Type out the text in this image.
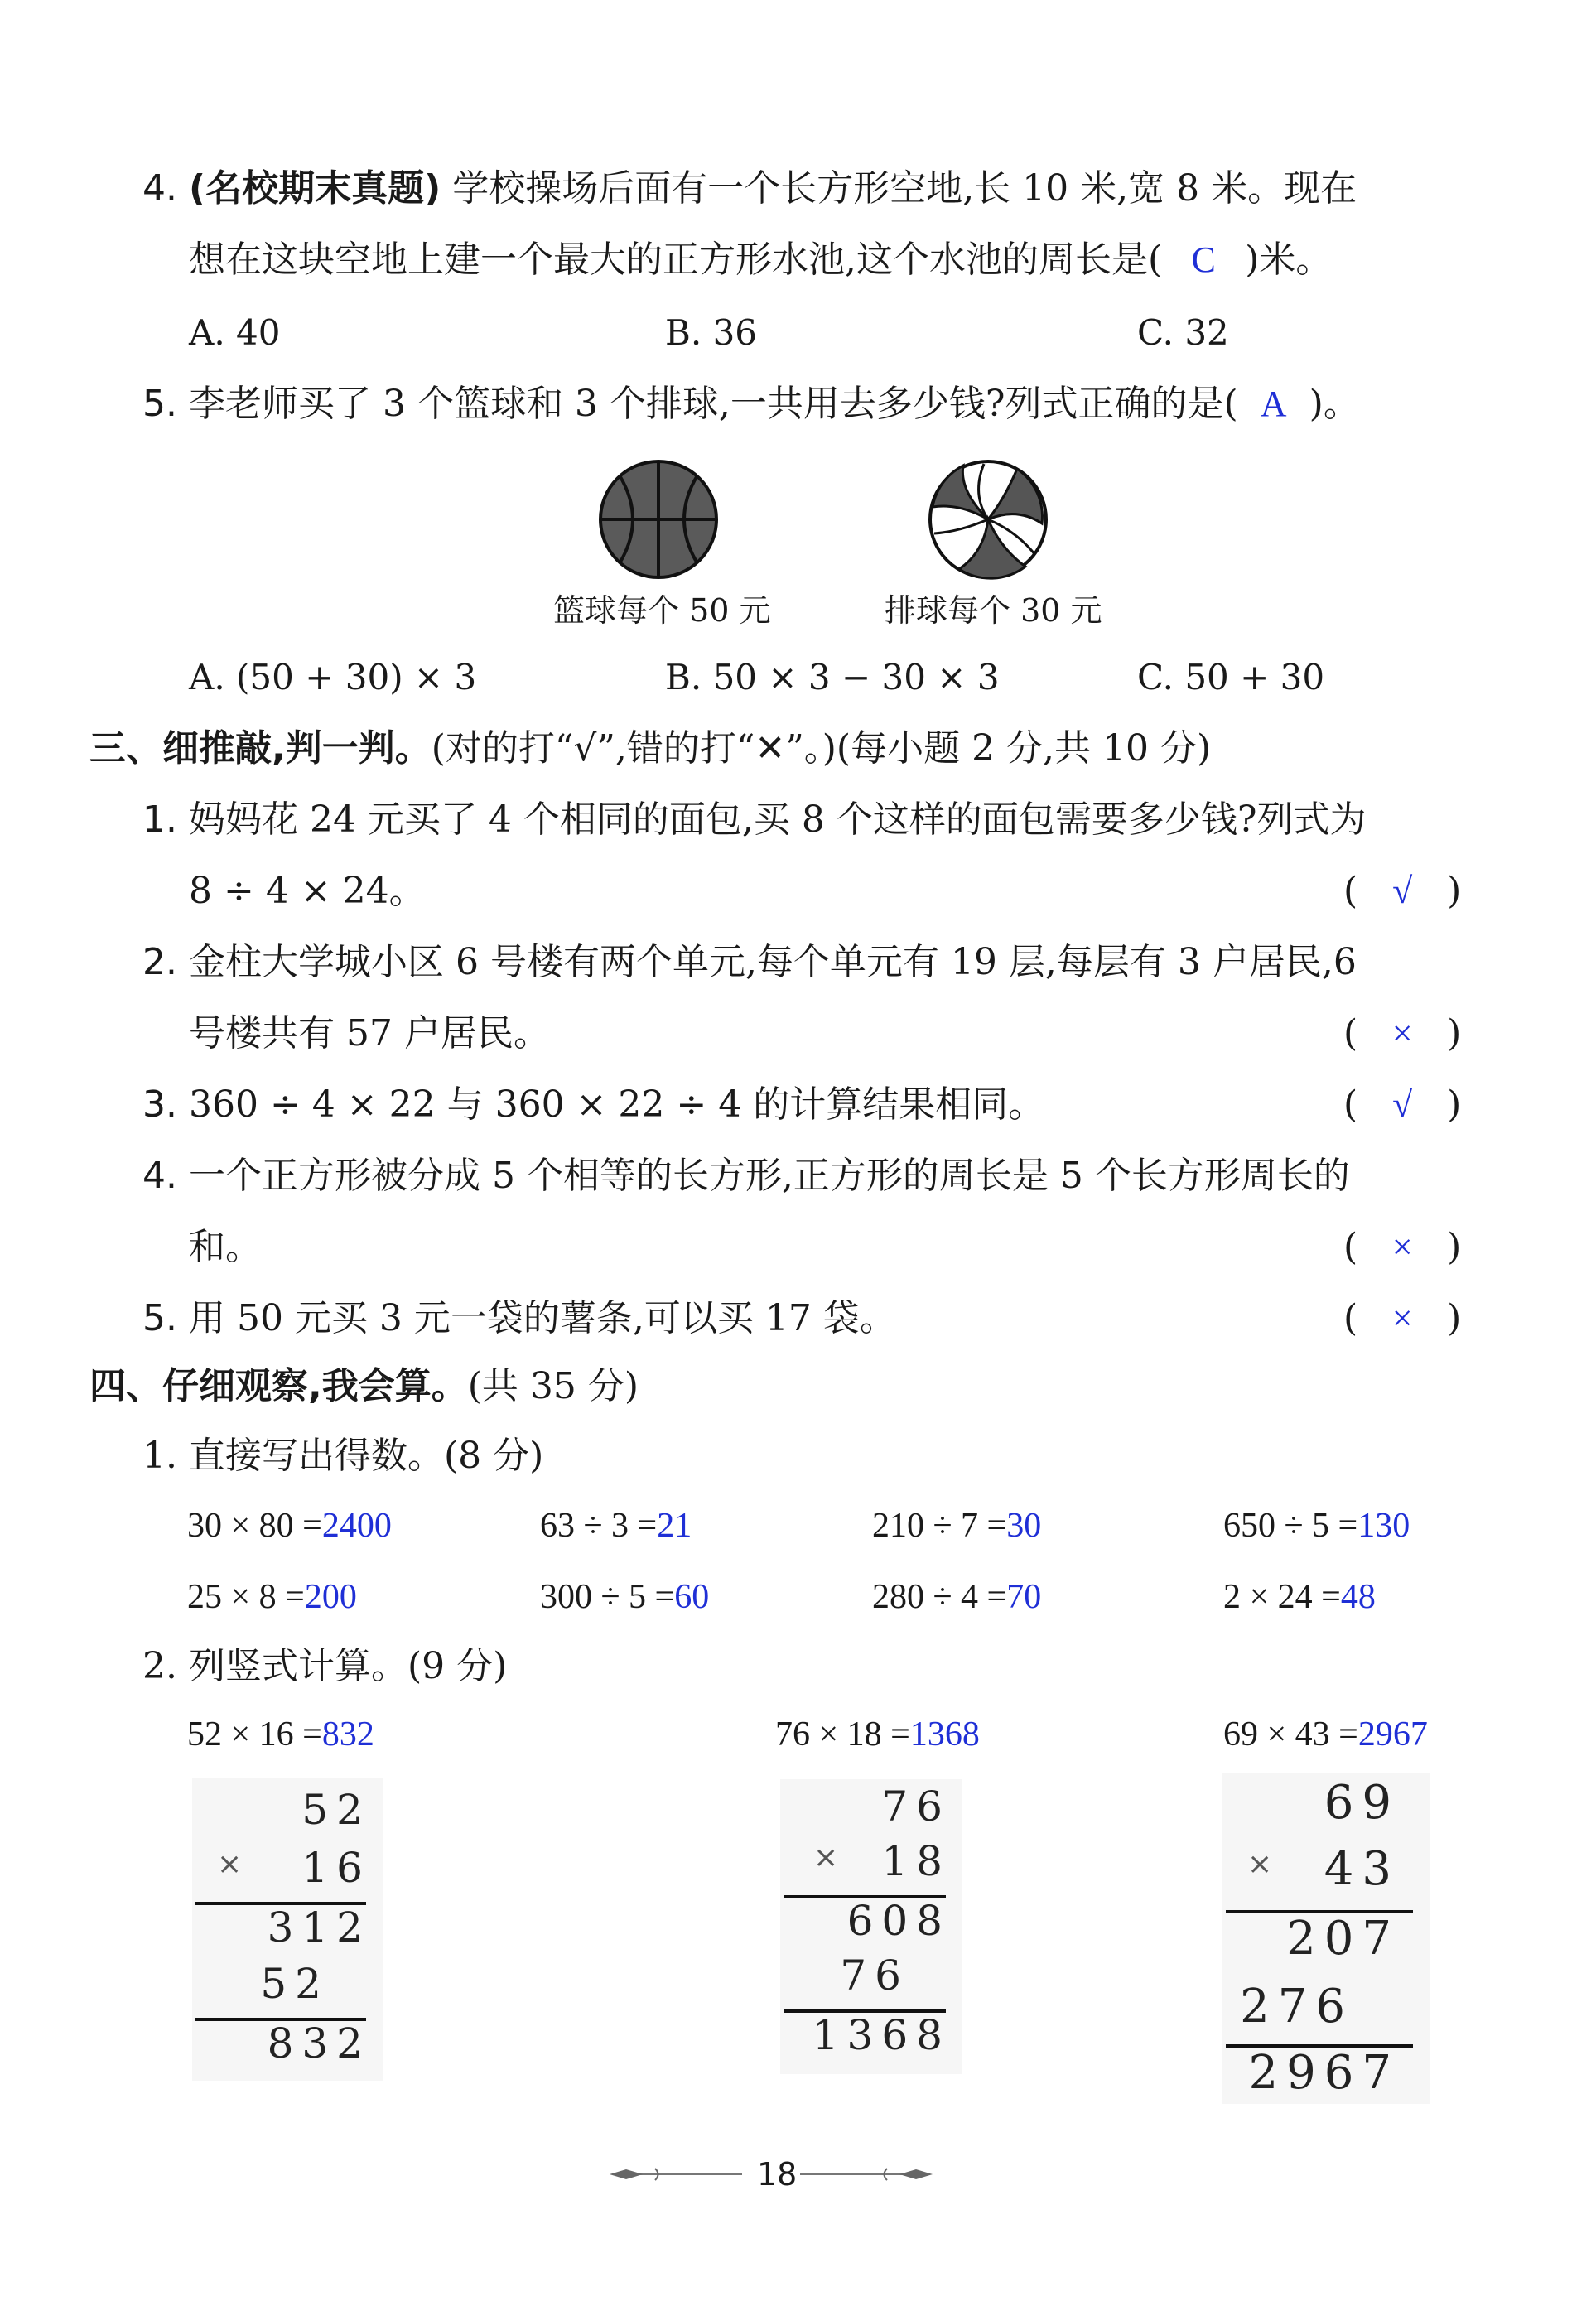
4. (名校期末真题) 学校操场后面有一个长方形空地,长 10 米,宽 8 米。现在
想在这块空地上建一个最大的正方形水池,这个水池的周长是( C )米。
A. 40	B. 36	C. 32
5. 李老师买了 3 个篮球和 3 个排球,一共用去多少钱?列式正确的是( A )。
篮球每个 50 元	排球每个 30 元
A. (50 + 30) × 3	B. 50 × 3 − 30 × 3	C. 50 + 30
三、细推敲,判一判。(对的打“√”,错的打“✕”。)(每小题 2 分,共 10 分)
1. 妈妈花 24 元买了 4 个相同的面包,买 8 个这样的面包需要多少钱?列式为
8 ÷ 4 × 24。	( √ )
2. 金柱大学城小区 6 号楼有两个单元,每个单元有 19 层,每层有 3 户居民,6
号楼共有 57 户居民。	( × )
3. 360 ÷ 4 × 22 与 360 × 22 ÷ 4 的计算结果相同。	( √ )
4. 一个正方形被分成 5 个相等的长方形,正方形的周长是 5 个长方形周长的
和。	( × )
5. 用 50 元买 3 元一袋的薯条,可以买 17 袋。	( × )
四、仔细观察,我会算。(共 35 分)
1. 直接写出得数。(8 分)
30 × 80 =2400	63 ÷ 3 =21	210 ÷ 7 =30	650 ÷ 5 =130
25 × 8 =200	300 ÷ 5 =60	280 ÷ 4 =70	2 × 24 =48
2. 列竖式计算。(9 分)
52 × 16 =832	76 × 18 =1368	69 × 43 =2967
52
× 16
312
52
832
76
× 18
608
76
1368
69
× 43
207
276
2967
18
